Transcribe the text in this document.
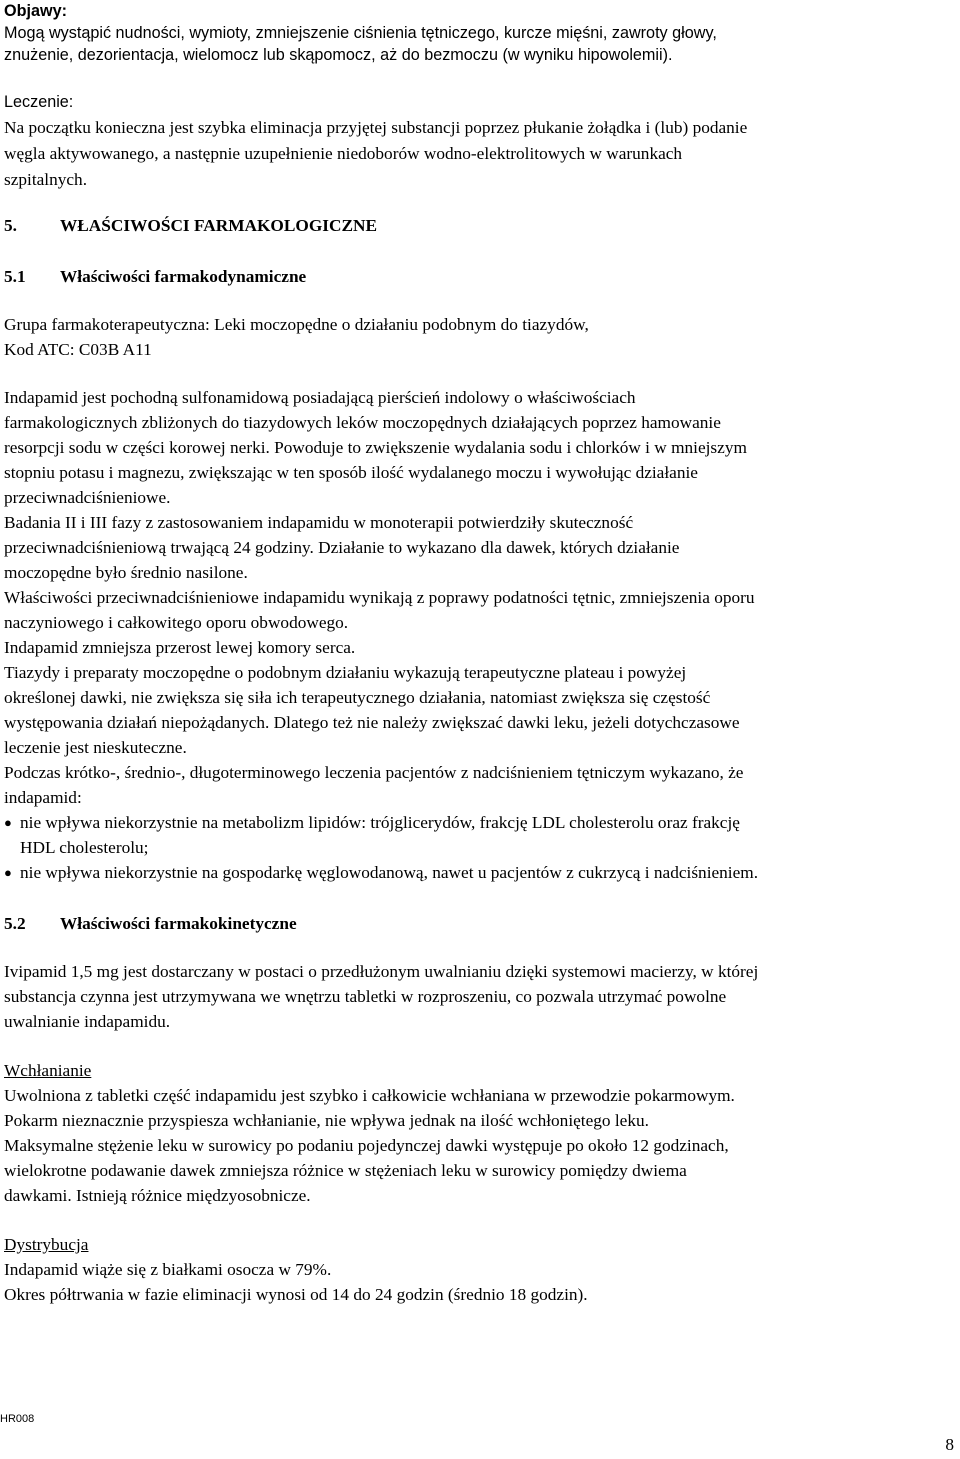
Objawy:
Mogą wystąpić nudności, wymioty, zmniejszenie ciśnienia tętniczego, kurcze mięśni, zawroty głowy,
znużenie, dezorientacja, wielomocz lub skąpomocz, aż do bezmoczu (w wyniku hipowolemii).
Leczenie:
Na początku konieczna jest szybka eliminacja przyjętej substancji poprzez płukanie żołądka i (lub) podanie
węgla aktywowanego, a następnie uzupełnienie niedoborów wodno-elektrolitowych w warunkach
szpitalnych.
5.	WŁAŚCIWOŚCI FARMAKOLOGICZNE
5.1	Właściwości farmakodynamiczne
Grupa farmakoterapeutyczna: Leki moczopędne o działaniu podobnym do tiazydów,
Kod ATC: C03B A11
Indapamid jest pochodną sulfonamidową posiadającą pierścień indolowy o właściwościach
farmakologicznych zbliżonych do tiazydowych leków moczopędnych działających poprzez hamowanie
resorpcji sodu w części korowej nerki. Powoduje to zwiększenie wydalania sodu i chlorków i w mniejszym
stopniu potasu i magnezu, zwiększając w ten sposób ilość wydalanego moczu i wywołując działanie
przeciwnadciśnieniowe.
Badania II i III fazy z zastosowaniem indapamidu w monoterapii potwierdziły skuteczność
przeciwnadciśnieniową trwającą 24 godziny. Działanie to wykazano dla dawek, których działanie
moczopędne było średnio nasilone.
Właściwości przeciwnadciśnieniowe indapamidu wynikają z poprawy podatności tętnic, zmniejszenia oporu
naczyniowego i całkowitego oporu obwodowego.
Indapamid zmniejsza przerost lewej komory serca.
Tiazydy i preparaty moczopędne o podobnym działaniu wykazują terapeutyczne plateau i powyżej
określonej dawki, nie zwiększa się siła ich terapeutycznego działania, natomiast zwiększa się częstość
występowania działań niepożądanych. Dlatego też nie należy zwiększać dawki leku, jeżeli dotychczasowe
leczenie jest nieskuteczne.
Podczas krótko-, średnio-, długoterminowego leczenia pacjentów z nadciśnieniem tętniczym wykazano, że
indapamid:
● nie wpływa niekorzystnie na metabolizm lipidów: trójglicerydów, frakcję LDL cholesterolu oraz frakcję
HDL cholesterolu;
● nie wpływa niekorzystnie na gospodarkę węglowodanową, nawet u pacjentów z cukrzycą i nadciśnieniem.
5.2	Właściwości farmakokinetyczne
Ivipamid 1,5 mg jest dostarczany w postaci o przedłużonym uwalnianiu dzięki systemowi macierzy, w której
substancja czynna jest utrzymywana we wnętrzu tabletki w rozproszeniu, co pozwala utrzymać powolne
uwalnianie indapamidu.
Wchłanianie
Uwolniona z tabletki część indapamidu jest szybko i całkowicie wchłaniana w przewodzie pokarmowym.
Pokarm nieznacznie przyspiesza wchłanianie, nie wpływa jednak na ilość wchłoniętego leku.
Maksymalne stężenie leku w surowicy po podaniu pojedynczej dawki występuje po około 12 godzinach,
wielokrotne podawanie dawek zmniejsza różnice w stężeniach leku w surowicy pomiędzy dwiema
dawkami. Istnieją różnice międzyosobnicze.
Dystrybucja
Indapamid wiąże się z białkami osocza w 79%.
Okres półtrwania w fazie eliminacji wynosi od 14 do 24 godzin (średnio 18 godzin).
HR008
8
